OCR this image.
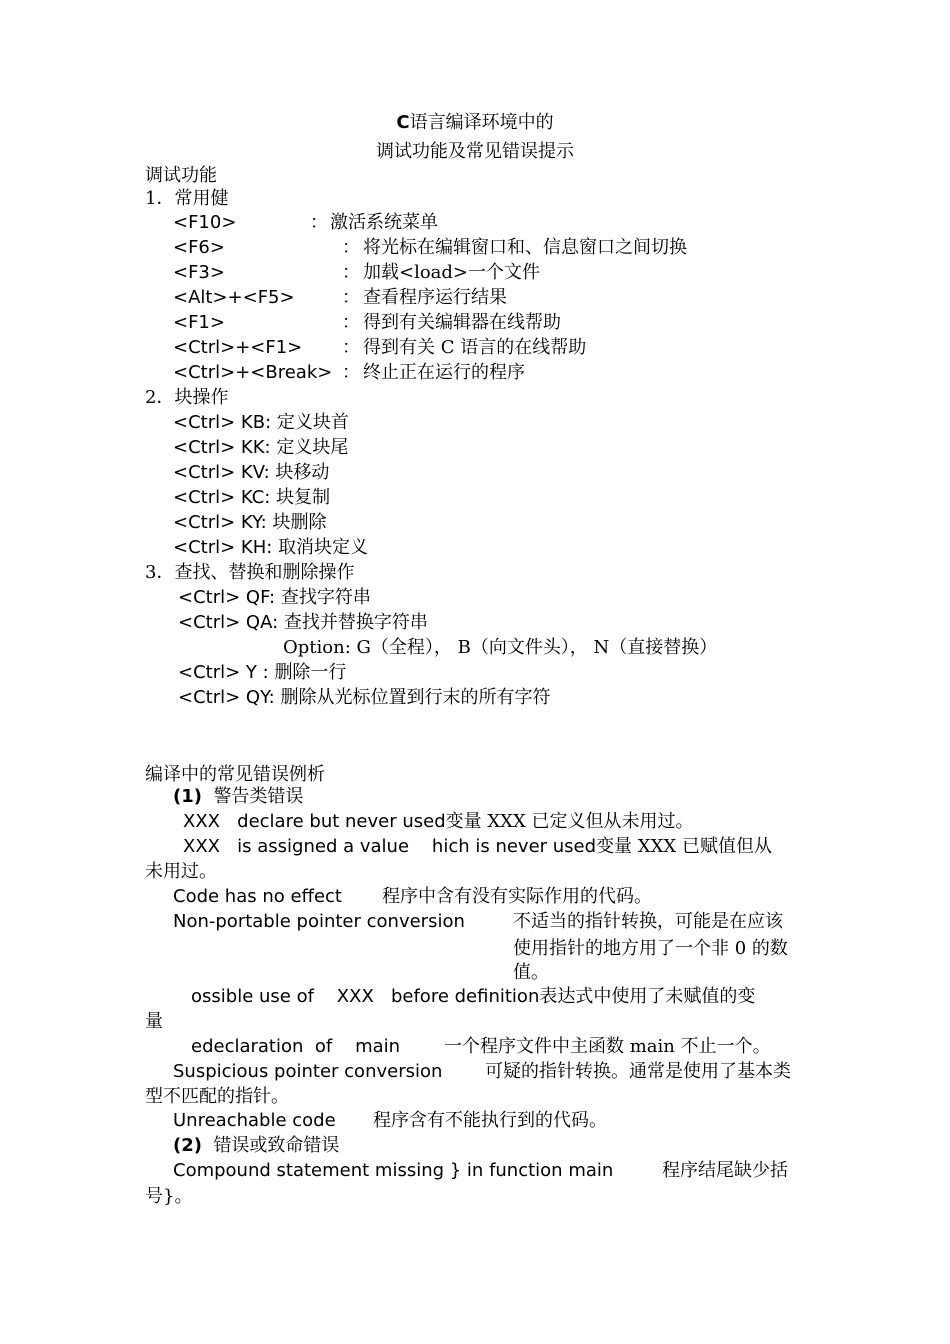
C语言编译环境中的
调试功能及常见错误提示
调试功能
1．常用健
<F10>	： 激活系统菜单
<F6>	： 将光标在编辑窗口和、信息窗口之间切换
<F3>	： 加载<load>一个文件
<Alt>+<F5>	： 查看程序运行结果
<F1>	： 得到有关编辑器在线帮助
<Ctrl>+<F1> ： 得到有关 C 语言的在线帮助
<Ctrl>+<Break> ： 终止正在运行的程序
2．块操作
<Ctrl> KB: 定义块首
<Ctrl> KK: 定义块尾
<Ctrl> KV: 块移动
<Ctrl> KC: 块复制
<Ctrl> KY: 块删除
<Ctrl> KH: 取消块定义
3．查找、替换和删除操作
<Ctrl> QF: 查找字符串
<Ctrl> QA: 查找并替换字符串
Option: G（全程）， B（向文件头）， N（直接替换）
<Ctrl> Y : 删除一行
<Ctrl> QY: 删除从光标位置到行末的所有字符
编译中的常见错误例析
(1) 警告类错误
XXX   declare but never used变量 XXX 已定义但从未用过。
XXX   is assigned a value    hich is never used变量 XXX 已赋值但从
未用过。
Code has no effect 程序中含有没有实际作用的代码。
Non-portable pointer conversion	不适当的指针转换，可能是在应该
使用指针的地方用了一个非 0 的数
值。
ossible use of    XXX   before definition表达式中使用了未赋值的变
量
edeclaration  of    main 一个程序文件中主函数 main 不止一个。
Suspicious pointer conversion 可疑的指针转换。通常是使用了基本类
型不匹配的指针。
Unreachable code 程序含有不能执行到的代码。
(2) 错误或致命错误
Compound statement missing } in function main	程序结尾缺少括
号}。
